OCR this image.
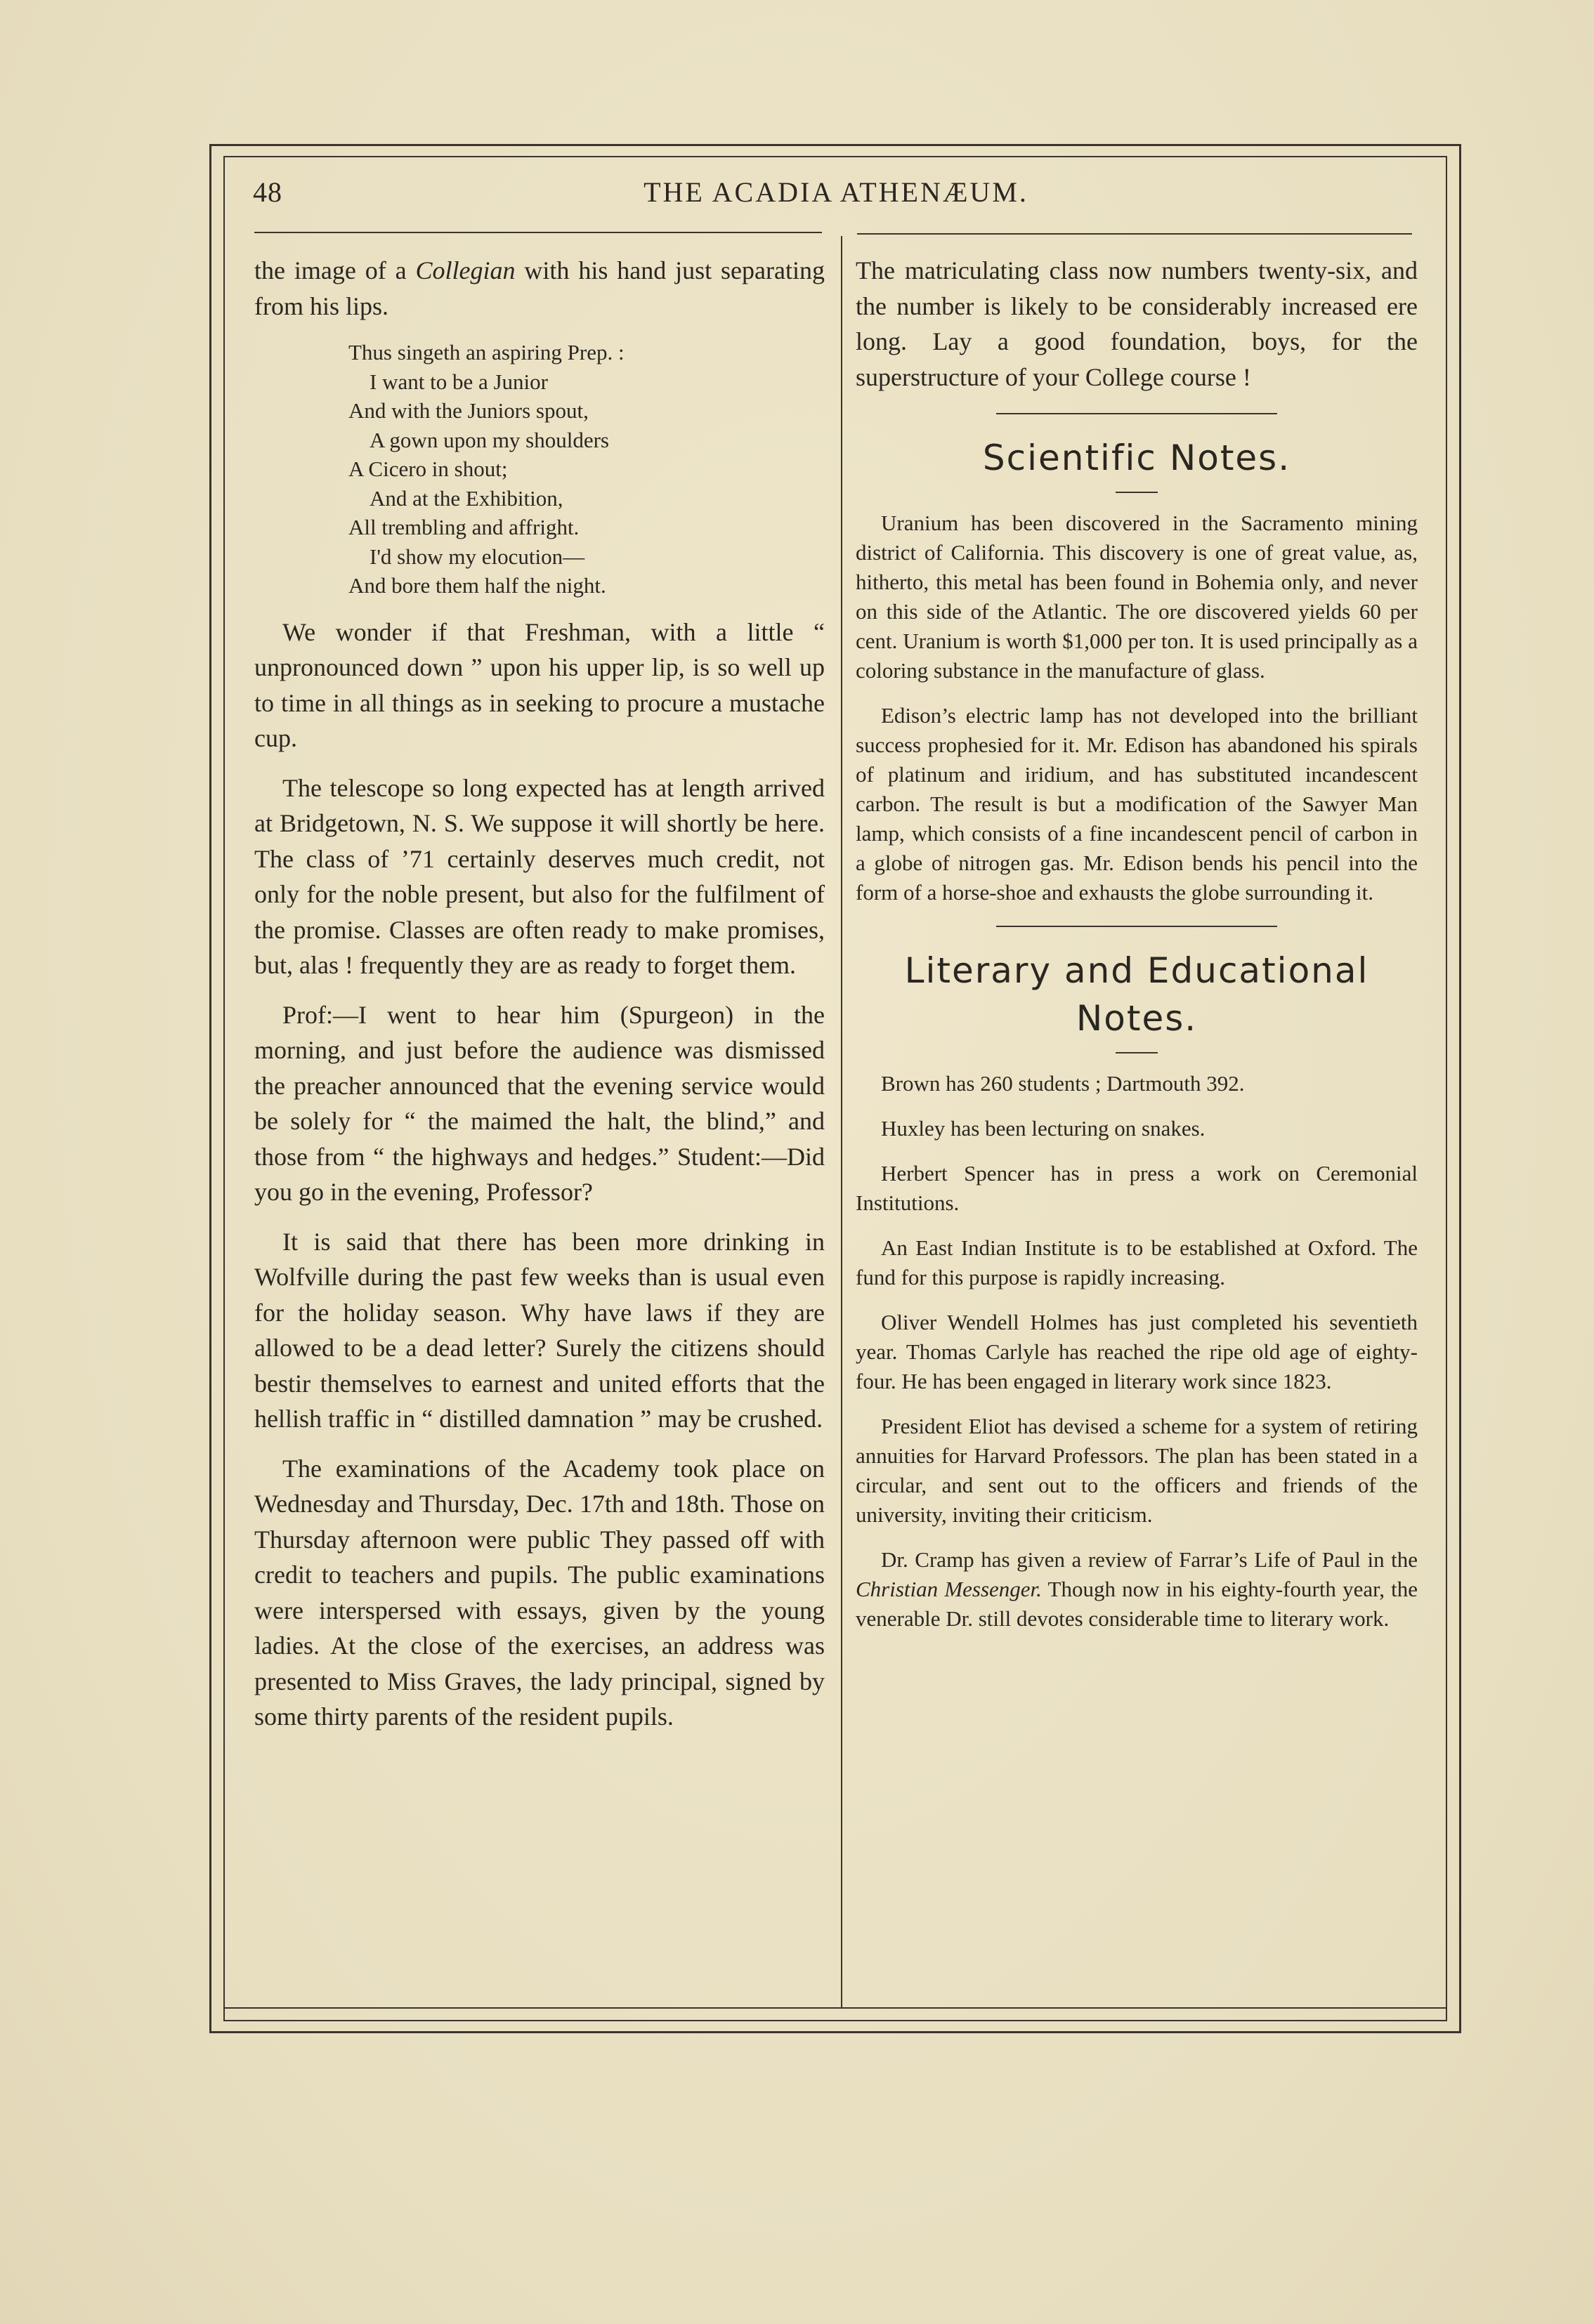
48	THE ACADIA ATHENÆUM.

the image of a Collegian with his hand just separating from his lips.

Thus singeth an aspiring Prep. :
I want to be a Junior
And with the Juniors spout,
A gown upon my shoulders
A Cicero in shout;
And at the Exhibition,
All trembling and affright.
I'd show my elocution—
And bore them half the night.

We wonder if that Freshman, with a little “ unpronounced down ” upon his upper lip, is so well up to time in all things as in seeking to procure a mustache cup.

The telescope so long expected has at length arrived at Bridgetown, N. S. We suppose it will shortly be here. The class of ’71 certainly deserves much credit, not only for the noble present, but also for the fulfilment of the promise. Classes are often ready to make promises, but, alas ! frequently they are as ready to forget them.

Prof:—I went to hear him (Spurgeon) in the morning, and just before the audience was dismissed the preacher announced that the evening service would be solely for “ the maimed the halt, the blind,” and those from “ the highways and hedges.” Student:—Did you go in the evening, Professor?

It is said that there has been more drinking in Wolfville during the past few weeks than is usual even for the holiday season. Why have laws if they are allowed to be a dead letter? Surely the citizens should bestir themselves to earnest and united efforts that the hellish traffic in “ distilled damnation ” may be crushed.

The examinations of the Academy took place on Wednesday and Thursday, Dec. 17th and 18th. Those on Thursday afternoon were public They passed off with credit to teachers and pupils. The public examinations were interspersed with essays, given by the young ladies. At the close of the exercises, an address was presented to Miss Graves, the lady principal, signed by some thirty parents of the resident pupils.

The matriculating class now numbers twenty-six, and the number is likely to be considerably increased ere long. Lay a good foundation, boys, for the superstructure of your College course !

Scientific Notes.

Uranium has been discovered in the Sacramento mining district of California. This discovery is one of great value, as, hitherto, this metal has been found in Bohemia only, and never on this side of the Atlantic. The ore discovered yields 60 per cent. Uranium is worth $1,000 per ton. It is used principally as a coloring substance in the manufacture of glass.

Edison’s electric lamp has not developed into the brilliant success prophesied for it. Mr. Edison has abandoned his spirals of platinum and iridium, and has substituted incandescent carbon. The result is but a modification of the Sawyer Man lamp, which consists of a fine incandescent pencil of carbon in a globe of nitrogen gas. Mr. Edison bends his pencil into the form of a horse-shoe and exhausts the globe surrounding it.

Literary and Educational
Notes.

Brown has 260 students ; Dartmouth 392.

Huxley has been lecturing on snakes.

Herbert Spencer has in press a work on Ceremonial Institutions.

An East Indian Institute is to be established at Oxford. The fund for this purpose is rapidly increasing.

Oliver Wendell Holmes has just completed his seventieth year. Thomas Carlyle has reached the ripe old age of eighty-four. He has been engaged in literary work since 1823.

President Eliot has devised a scheme for a system of retiring annuities for Harvard Professors. The plan has been stated in a circular, and sent out to the officers and friends of the university, inviting their criticism.

Dr. Cramp has given a review of Farrar’s Life of Paul in the Christian Messenger. Though now in his eighty-fourth year, the venerable Dr. still devotes considerable time to literary work.
